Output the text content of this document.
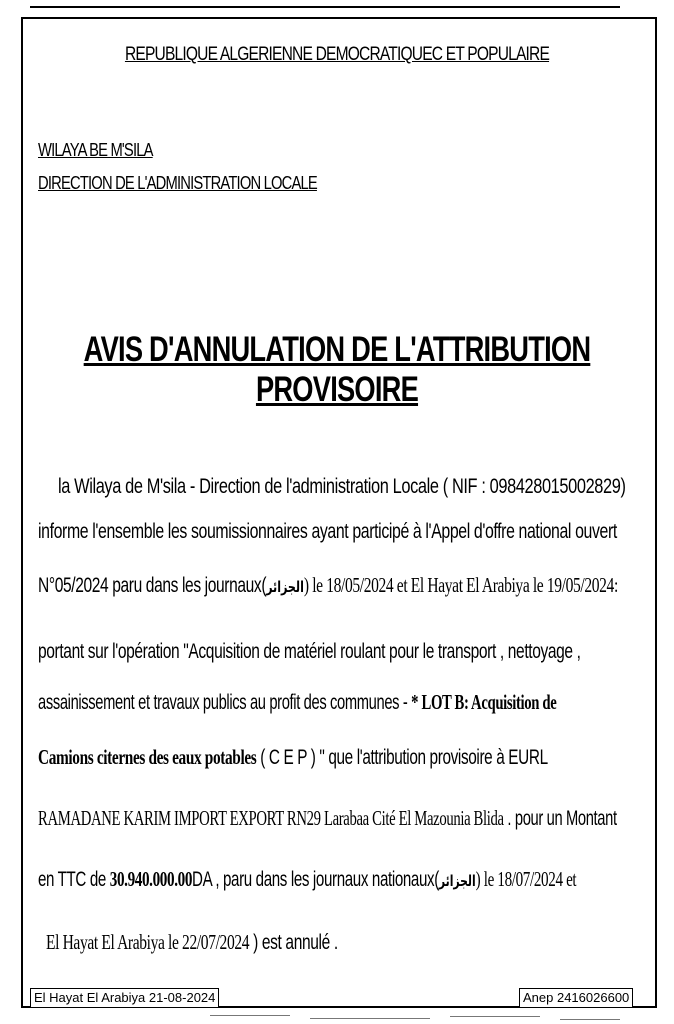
REPUBLIQUE ALGERIENNE DEMOCRATIQUEC ET POPULAIRE
WILAYA BE M'SILA
DIRECTION DE L'ADMINISTRATION LOCALE
AVIS D'ANNULATION DE L'ATTRIBUTION PROVISOIRE
la Wilaya de M'sila - Direction de l'administration Locale ( NIF : 098428015002829)
informe l'ensemble les soumissionnaires ayant participé à l'Appel d'offre national ouvert
N°05/2024 paru dans les journaux(الجزائر) le 18/05/2024 et El Hayat El Arabiya le 19/05/2024:
portant sur l'opération "Acquisition de matériel roulant pour le transport , nettoyage ,
assainissement et travaux publics au profit des communes - * LOT B: Acquisition de
Camions citernes des eaux potables ( C E P ) " que l'attribution provisoire à EURL
RAMADANE KARIM IMPORT EXPORT RN29 Larabaa Cité El Mazounia Blida . pour un Montant
en TTC de 30.940.000.00DA , paru dans les journaux nationaux(الجزائر) le 18/07/2024 et
El Hayat El Arabiya le 22/07/2024 ) est annulé .
El Hayat El Arabiya 21-08-2024	Anep 2416026600
